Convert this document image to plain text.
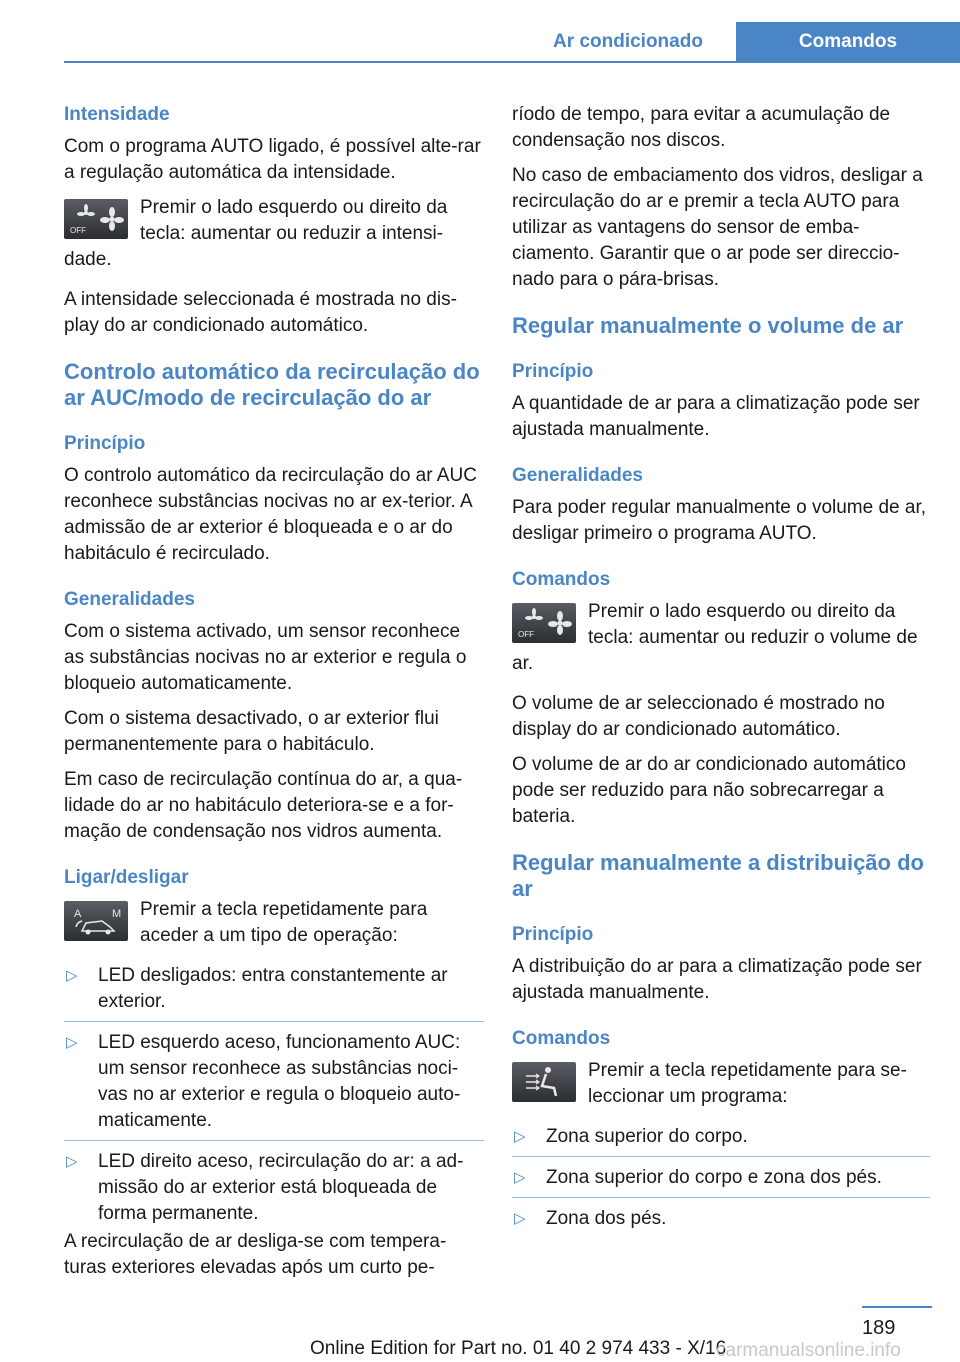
Ar condicionado	Comandos
Intensidade

Com o programa AUTO ligado, é possível alte-rar a regulação automática da intensidade.

OFF
Premir o lado esquerdo ou direito da tecla: aumentar ou reduzir a intensi-dade.

A intensidade seleccionada é mostrada no dis-play do ar condicionado automático.

Controlo automático da recirculação do ar AUC/modo de recirculação do ar
Princípio

O controlo automático da recirculação do ar AUC reconhece substâncias nocivas no ar ex-terior. A admissão de ar exterior é bloqueada e o ar do habitáculo é recirculado.

Generalidades

Com o sistema activado, um sensor reconhece as substâncias nocivas no ar exterior e regula o bloqueio automaticamente.

Com o sistema desactivado, o ar exterior flui permanentemente para o habitáculo.

Em caso de recirculação contínua do ar, a qua-lidade do ar no habitáculo deteriora-se e a for-mação de condensação nos vidros aumenta.

Ligar/desligar
A	M Premir a tecla repetidamente para aceder a um tipo de operação:
▷ LED desligados: entra constantemente ar exterior.
▷ LED esquerdo aceso, funcionamento AUC: um sensor reconhece as substâncias noci-vas no ar exterior e regula o bloqueio auto-maticamente.
▷ LED direito aceso, recirculação do ar: a ad-missão do ar exterior está bloqueada de forma permanente.

A recirculação de ar desliga-se com tempera-turas exteriores elevadas após um curto pe-

ríodo de tempo, para evitar a acumulação de condensação nos discos.

No caso de embaciamento dos vidros, desligar a recirculação do ar e premir a tecla AUTO para utilizar as vantagens do sensor de emba-ciamento. Garantir que o ar pode ser direccio-nado para o pára-brisas.

Regular manualmente o volume de ar
Princípio

A quantidade de ar para a climatização pode ser ajustada manualmente.

Generalidades

Para poder regular manualmente o volume de ar, desligar primeiro o programa AUTO.

Comandos
OFF
Premir o lado esquerdo ou direito da tecla: aumentar ou reduzir o volume de ar.

O volume de ar seleccionado é mostrado no display do ar condicionado automático.

O volume de ar do ar condicionado automático pode ser reduzido para não sobrecarregar a bateria.

Regular manualmente a distribuição do ar
Princípio

A distribuição do ar para a climatização pode ser ajustada manualmente.

Comandos
Premir a tecla repetidamente para se-leccionar um programa:
▷ Zona superior do corpo.
▷ Zona superior do corpo e zona dos pés.
▷ Zona dos pés.
189
Online Edition for Part no. 01 40 2 974 433 - X/16
carmanualsonline.info
